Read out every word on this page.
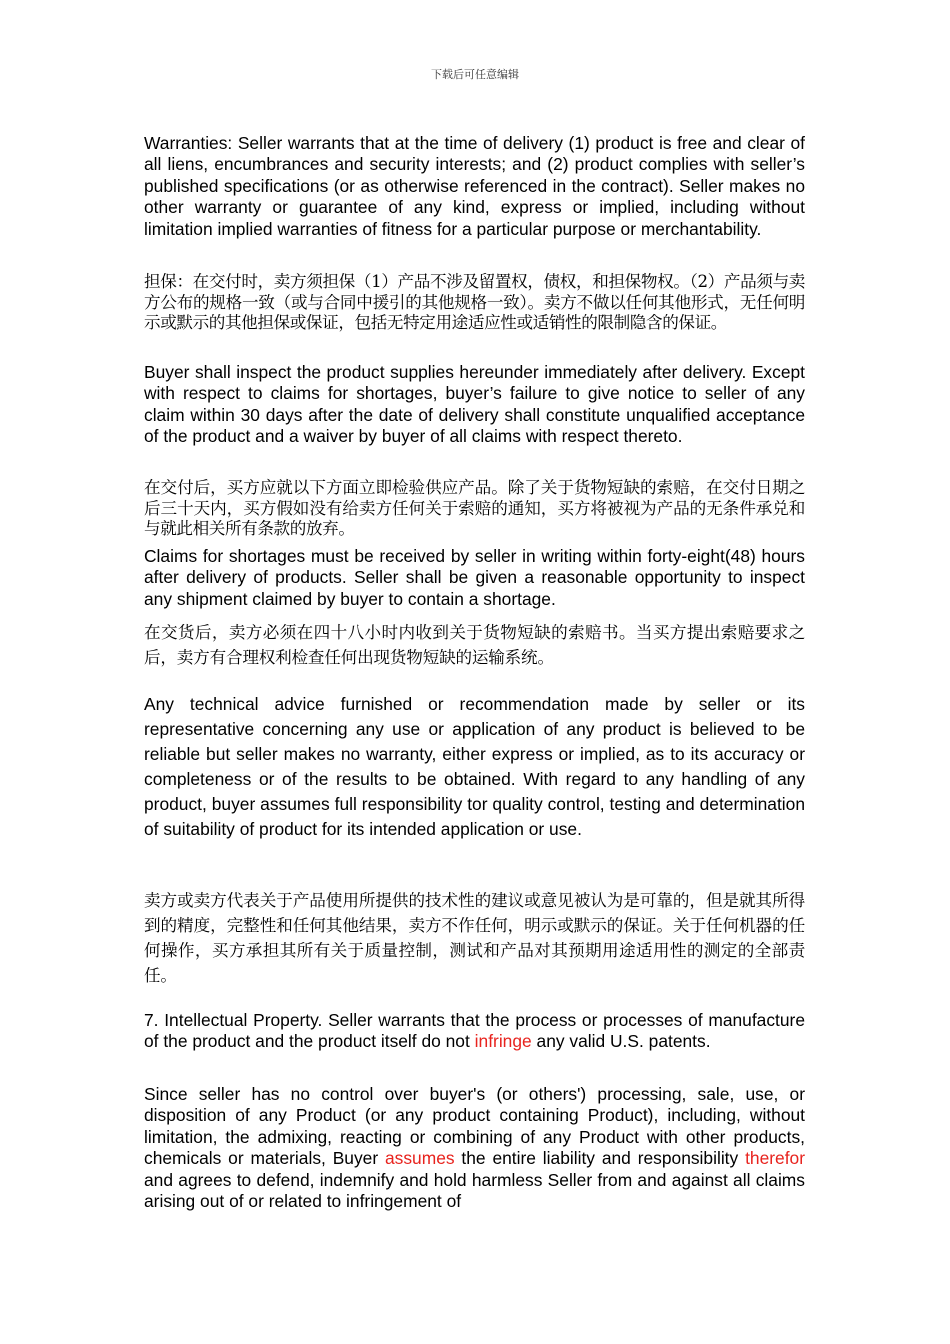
下载后可任意编辑

Warranties: Seller warrants that at the time of delivery (1) product is free and clear of all liens, encumbrances and security interests; and (2) product complies with seller’s published specifications (or as otherwise referenced in the contract). Seller makes no other warranty or guarantee of any kind, express or implied, including without limitation implied warranties of fitness for a particular purpose or merchantability.

担保：在交付时，卖方须担保（1）产品不涉及留置权，债权，和担保物权。（2）产品须与卖方公布的规格一致（或与合同中援引的其他规格一致）。卖方不做以任何其他形式，无任何明示或默示的其他担保或保证，包括无特定用途适应性或适销性的限制隐含的保证。

Buyer shall inspect the product supplies hereunder immediately after delivery. Except with respect to claims for shortages, buyer’s failure to give notice to seller of any claim within 30 days after the date of delivery shall constitute unqualified acceptance of the product and a waiver by buyer of all claims with respect thereto.

在交付后，买方应就以下方面立即检验供应产品。除了关于货物短缺的索赔，在交付日期之后三十天内，买方假如没有给卖方任何关于索赔的通知，买方将被视为产品的无条件承兑和与就此相关所有条款的放弃。

Claims for shortages must be received by seller in writing within forty-eight(48) hours after delivery of products. Seller shall be given a reasonable opportunity to inspect any shipment claimed by buyer to contain a shortage.

在交货后，卖方必须在四十八小时内收到关于货物短缺的索赔书。当买方提出索赔要求之后，卖方有合理权利检查任何出现货物短缺的运输系统。

Any technical advice furnished or recommendation made by seller or its representative concerning any use or application of any product is believed to be reliable but seller makes no warranty, either express or implied, as to its accuracy or completeness or of the results to be obtained. With regard to any handling of any product, buyer assumes full responsibility tor quality control, testing and determination of suitability of product for its intended application or use.

卖方或卖方代表关于产品使用所提供的技术性的建议或意见被认为是可靠的，但是就其所得到的精度，完整性和任何其他结果，卖方不作任何，明示或默示的保证。关于任何机器的任何操作，买方承担其所有关于质量控制，测试和产品对其预期用途适用性的测定的全部责任。

7. Intellectual Property. Seller warrants that the process or processes of manufacture of the product and the product itself do not infringe any valid U.S. patents.

Since seller has no control over buyer's (or others') processing, sale, use, or disposition of any Product (or any product containing Product), including, without limitation, the admixing, reacting or combining of any Product with other products, chemicals or materials, Buyer assumes the entire liability and responsibility therefor and agrees to defend, indemnify and hold harmless Seller from and against all claims arising out of or related to infringement of
